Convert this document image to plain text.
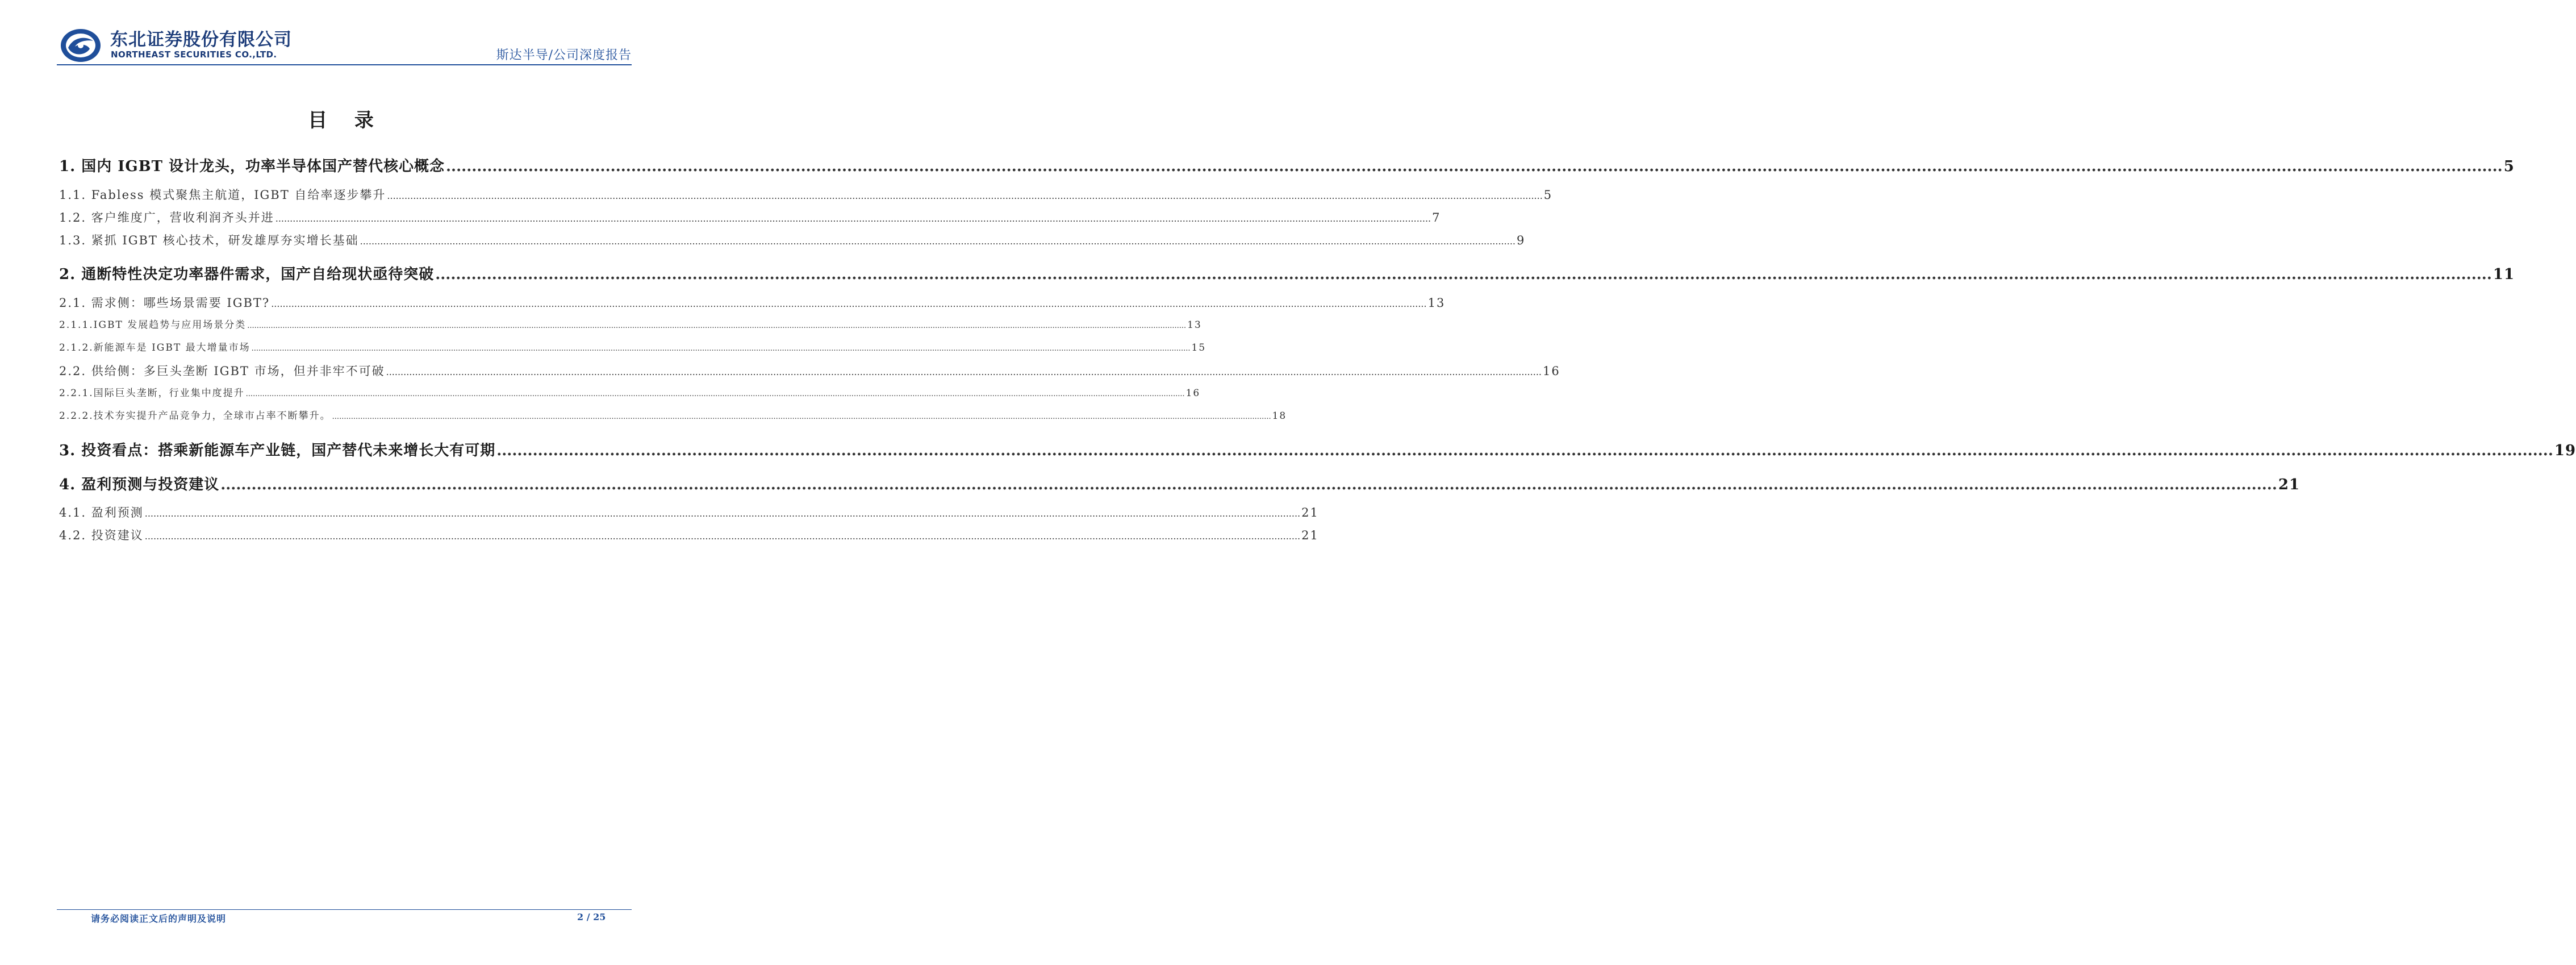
东北证券股份有限公司
NORTHEAST SECURITIES CO.,LTD.	斯达半导/公司深度报告
目 录
1. 国内 IGBT 设计龙头，功率半导体国产替代核心概念 ................................................................................................................................................................................................................................................................................................................................................................................................................ 5
1.1. Fabless 模式聚焦主航道，IGBT 自给率逐步攀升 ................................................................................................................................................................................................................................................................................................................................................................................................................ 5
1.2. 客户维度广，营收利润齐头并进 ................................................................................................................................................................................................................................................................................................................................................................................................................ 7
1.3. 紧抓 IGBT 核心技术，研发雄厚夯实增长基础 ................................................................................................................................................................................................................................................................................................................................................................................................................ 9
2. 通断特性决定功率器件需求，国产自给现状亟待突破 ................................................................................................................................................................................................................................................................................................................................................................................................................ 11
2.1. 需求侧：哪些场景需要 IGBT? ................................................................................................................................................................................................................................................................................................................................................................................................................ 13
2.1.1.IGBT 发展趋势与应用场景分类 ................................................................................................................................................................................................................................................................................................................................................................................................................ 13
2.1.2.新能源车是 IGBT 最大增量市场 ................................................................................................................................................................................................................................................................................................................................................................................................................ 15
2.2. 供给侧：多巨头垄断 IGBT 市场，但并非牢不可破 ................................................................................................................................................................................................................................................................................................................................................................................................................ 16
2.2.1.国际巨头垄断，行业集中度提升 ................................................................................................................................................................................................................................................................................................................................................................................................................ 16
2.2.2.技术夯实提升产品竞争力，全球市占率不断攀升。 ................................................................................................................................................................................................................................................................................................................................................................................................................ 18
3. 投资看点：搭乘新能源车产业链，国产替代未来增长大有可期 ................................................................................................................................................................................................................................................................................................................................................................................................................ 19
4. 盈利预测与投资建议 ................................................................................................................................................................................................................................................................................................................................................................................................................ 21
4.1. 盈利预测 ................................................................................................................................................................................................................................................................................................................................................................................................................ 21
4.2. 投资建议 ................................................................................................................................................................................................................................................................................................................................................................................................................ 21
请务必阅读正文后的声明及说明	2 / 25
